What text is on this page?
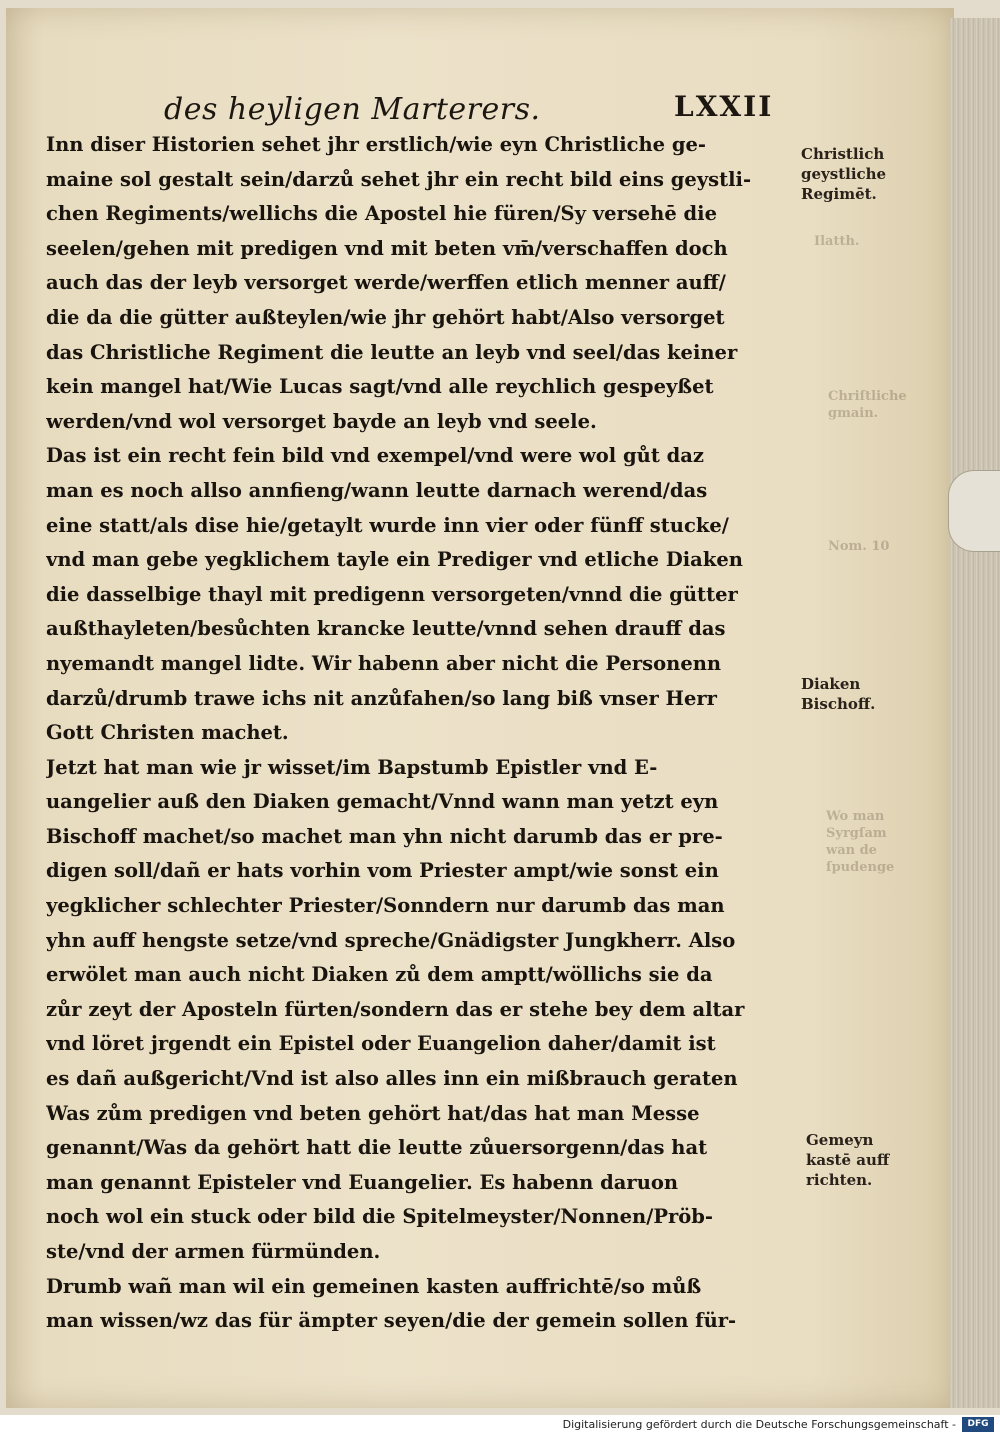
Ilatth.
Chriſtliche
gmain.
Nom. 10
Wo man
Syrgſam
wan de
ſpudenge
des heyligen Marterers.	LXXII
Inn diser Historien sehet jhr erstlich/wie eyn Christliche ge-
maine sol gestalt sein/darzů sehet jhr ein recht bild eins geystli-
chen Regiments/wellichs die Apostel hie füren/Sy versehē die
seelen/gehen mit predigen vnd mit beten vm̄/verschaffen doch
auch das der leyb versorget werde/werffen etlich menner auff/
die da die gütter außteylen/wie jhr gehört habt/Also versorget
das Christliche Regiment die leutte an leyb vnd seel/das keiner
kein mangel hat/Wie Lucas sagt/vnd alle reychlich gespeyßet
werden/vnd wol versorget bayde an leyb vnd seele.
Das ist ein recht fein bild vnd exempel/vnd were wol gůt daz
man es noch allso annfieng/wann leutte darnach werend/das
eine statt/als dise hie/getaylt wurde inn vier oder fünff stucke/
vnd man gebe yegklichem tayle ein Prediger vnd etliche Diaken
die dasselbige thayl mit predigenn versorgeten/vnnd die gütter
außthayleten/besůchten krancke leutte/vnnd sehen drauff das
nyemandt mangel lidte. Wir habenn aber nicht die Personenn
darzů/drumb trawe ichs nit anzůfahen/so lang biß vnser Herr
Gott Christen machet.
Jetzt hat man wie jr wisset/im Bapstumb Epistler vnd E-
uangelier auß den Diaken gemacht/Vnnd wann man yetzt eyn
Bischoff machet/so machet man yhn nicht darumb das er pre-
digen soll/dañ er hats vorhin vom Priester ampt/wie sonst ein
yegklicher schlechter Priester/Sonndern nur darumb das man
yhn auff hengste setze/vnd spreche/Gnädigster Jungkherr. Also
erwölet man auch nicht Diaken zů dem amptt/wöllichs sie da
zůr zeyt der Aposteln fürten/sondern das er stehe bey dem altar
vnd löret jrgendt ein Epistel oder Euangelion daher/damit ist
es dañ außgericht/Vnd ist also alles inn ein mißbrauch geraten
Was zům predigen vnd beten gehört hat/das hat man Messe
genannt/Was da gehört hatt die leutte zůuersorgenn/das hat
man genannt Episteler vnd Euangelier. Es habenn daruon
noch wol ein stuck oder bild die Spitelmeyster/Nonnen/Pröb-
ste/vnd der armen fürmünden.
Drumb wañ man wil ein gemeinen kasten auffrichtē/so můß
man wissen/wz das für ämpter seyen/die der gemein sollen für-
Christlich
geystliche
Regimēt.
Diaken
Bischoff.
Gemeyn
kastē auff
richten.
Digitalisierung gefördert durch die Deutsche Forschungsgemeinschaft -	DFG
